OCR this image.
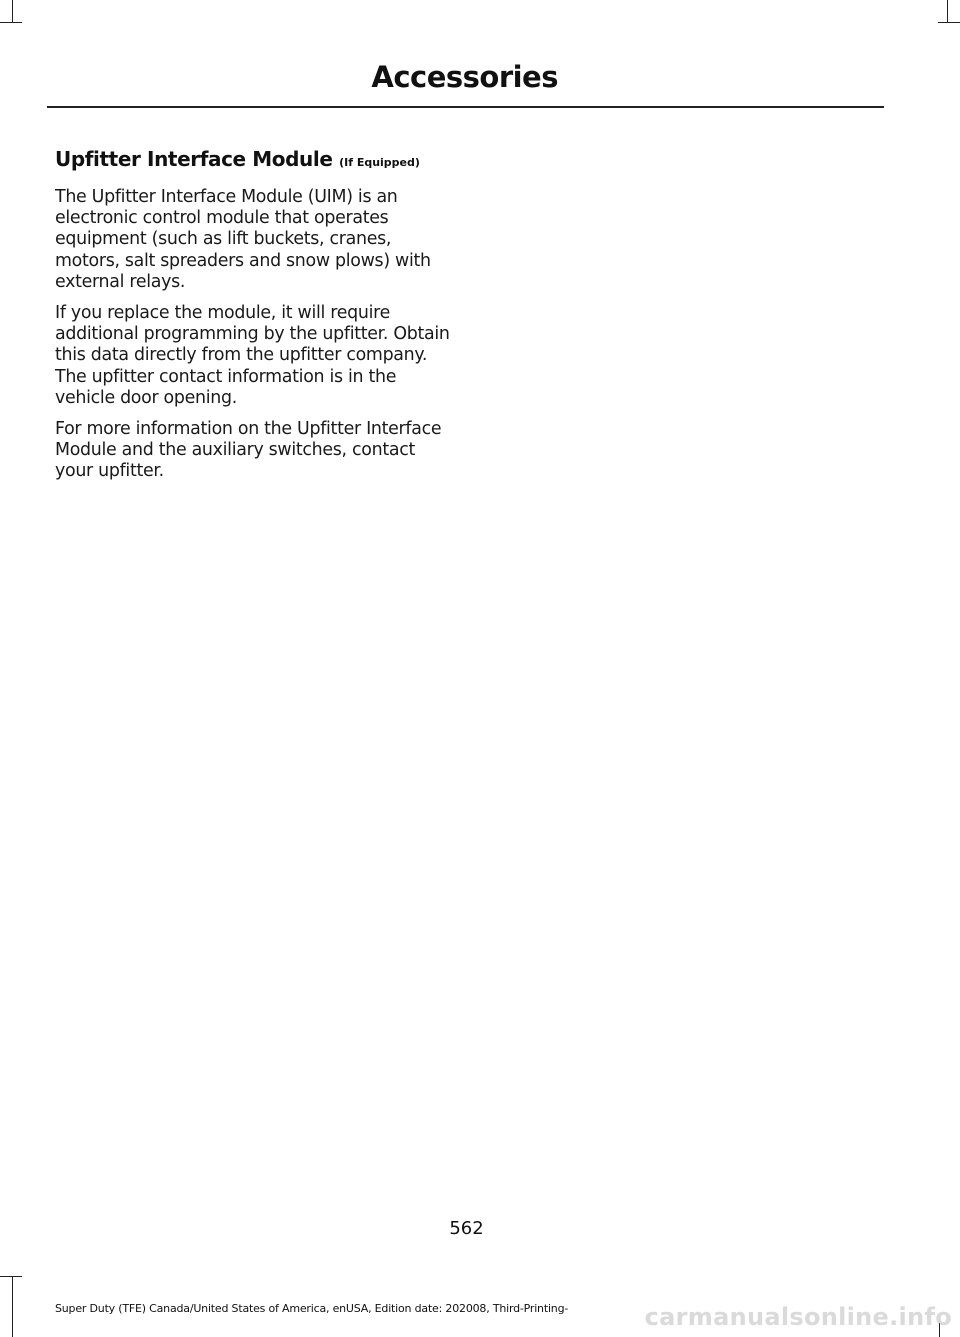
Accessories
Upfitter Interface Module (If Equipped)

The Upfitter Interface Module (UIM) is an electronic control module that operates equipment (such as lift buckets, cranes, motors, salt spreaders and snow plows) with external relays.

If you replace the module, it will require additional programming by the upfitter. Obtain this data directly from the upfitter company. The upfitter contact information is in the vehicle door opening.

For more information on the Upfitter Interface Module and the auxiliary switches, contact your upfitter.

562
Super Duty (TFE) Canada/United States of America, enUSA, Edition date: 202008, Third-Printing-	carmanualsonline.info
